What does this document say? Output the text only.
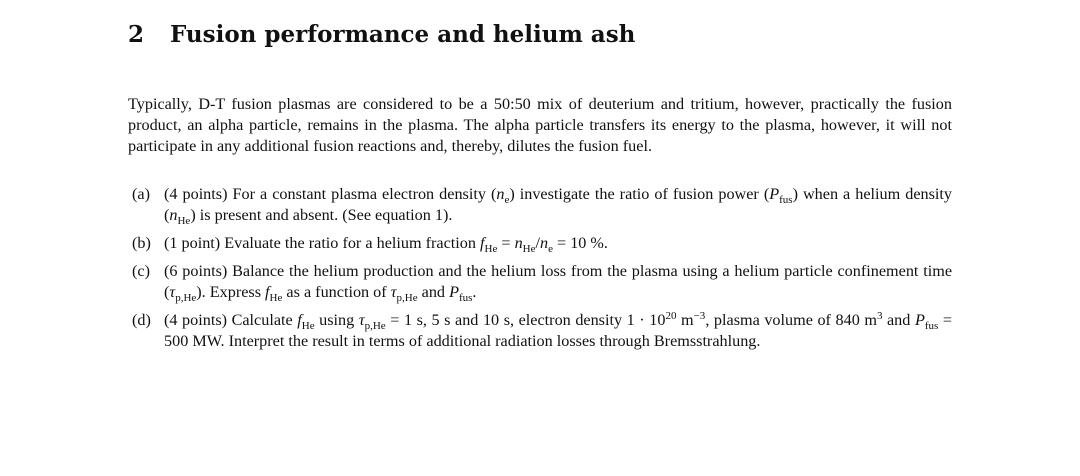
2 Fusion performance and helium ash

Typically, D-T fusion plasmas are considered to be a 50:50 mix of deuterium and tritium, however, practically the fusion product, an alpha particle, remains in the plasma. The alpha particle transfers its energy to the plasma, however, it will not participate in any additional fusion reactions and, thereby, dilutes the fusion fuel.

(a) (4 points) For a constant plasma electron density $(n_e)$ investigate the ratio of fusion power $(P_{fus})$ when a helium density $(n_{He})$ is present and absent. (See equation 1).
(b) (1 point) Evaluate the ratio for a helium fraction $f_{He} = n_{He}/n_e = 10$ %.
(c) (6 points) Balance the helium production and the helium loss from the plasma using a helium particle confinement time $(\tau_{p,He})$. Express $f_{He}$ as a function of $\tau_{p,He}$ and $P_{fus}$.
(d) (4 points) Calculate $f_{He}$ using $\tau_{p,He} = 1$ s, 5 s and 10 s, electron density $1 \cdot 10^{20}$ $m^{-3}$, plasma volume of 840 $m^3$ and $P_{fus} = 500$ MW. Interpret the result in terms of additional radiation losses through Bremsstrahlung.
